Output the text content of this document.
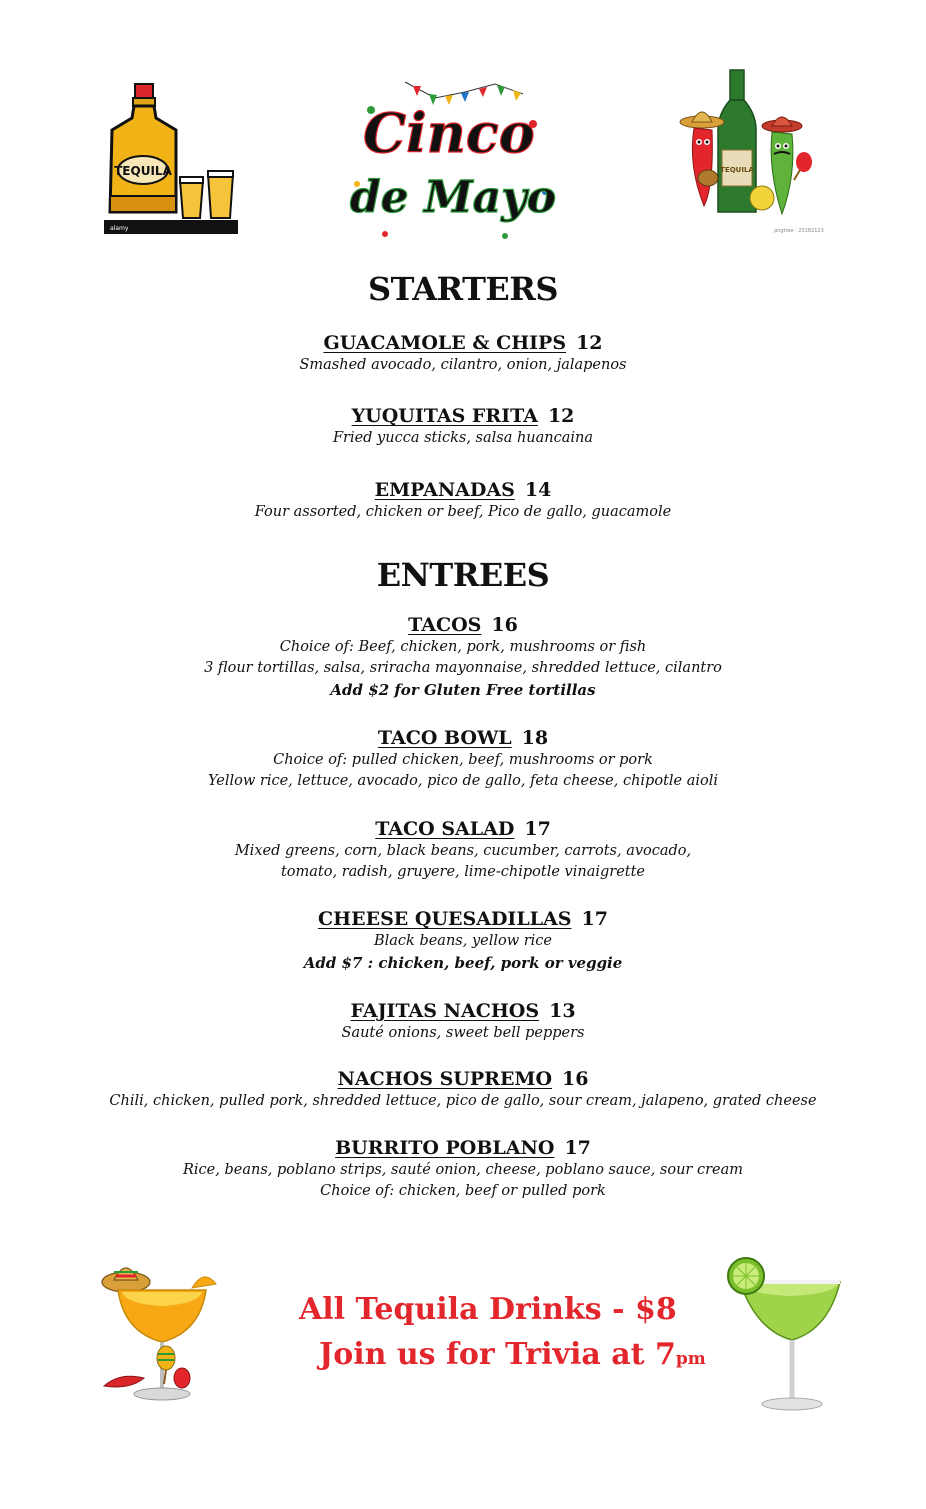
TEQUILA
alamy
Cinco
de Mayo
TEQUILA
pngtree · 23182123
STARTERS
GUACAMOLE & CHIPS 12
Smashed avocado, cilantro, onion, jalapenos
YUQUITAS FRITA 12
Fried yucca sticks, salsa huancaina
EMPANADAS 14
Four assorted, chicken or beef, Pico de gallo, guacamole
ENTREES
TACOS 16
Choice of: Beef, chicken, pork, mushrooms or fish
3 flour tortillas, salsa, sriracha mayonnaise, shredded lettuce, cilantro
Add $2 for Gluten Free tortillas
TACO BOWL 18
Choice of: pulled chicken, beef, mushrooms or pork
Yellow rice, lettuce, avocado, pico de gallo, feta cheese, chipotle aioli
TACO SALAD 17
Mixed greens, corn, black beans, cucumber, carrots, avocado,
tomato, radish, gruyere, lime-chipotle vinaigrette
CHEESE QUESADILLAS 17
Black beans, yellow rice
Add $7 : chicken, beef, pork or veggie
FAJITAS NACHOS 13
Sauté onions, sweet bell peppers
NACHOS SUPREMO 16
Chili, chicken, pulled pork, shredded lettuce, pico de gallo, sour cream, jalapeno, grated cheese
BURRITO POBLANO 17
Rice, beans, poblano strips, sauté onion, cheese, poblano sauce, sour cream
Choice of: chicken, beef or pulled pork
All Tequila Drinks - $8
Join us for Trivia at 7pm
